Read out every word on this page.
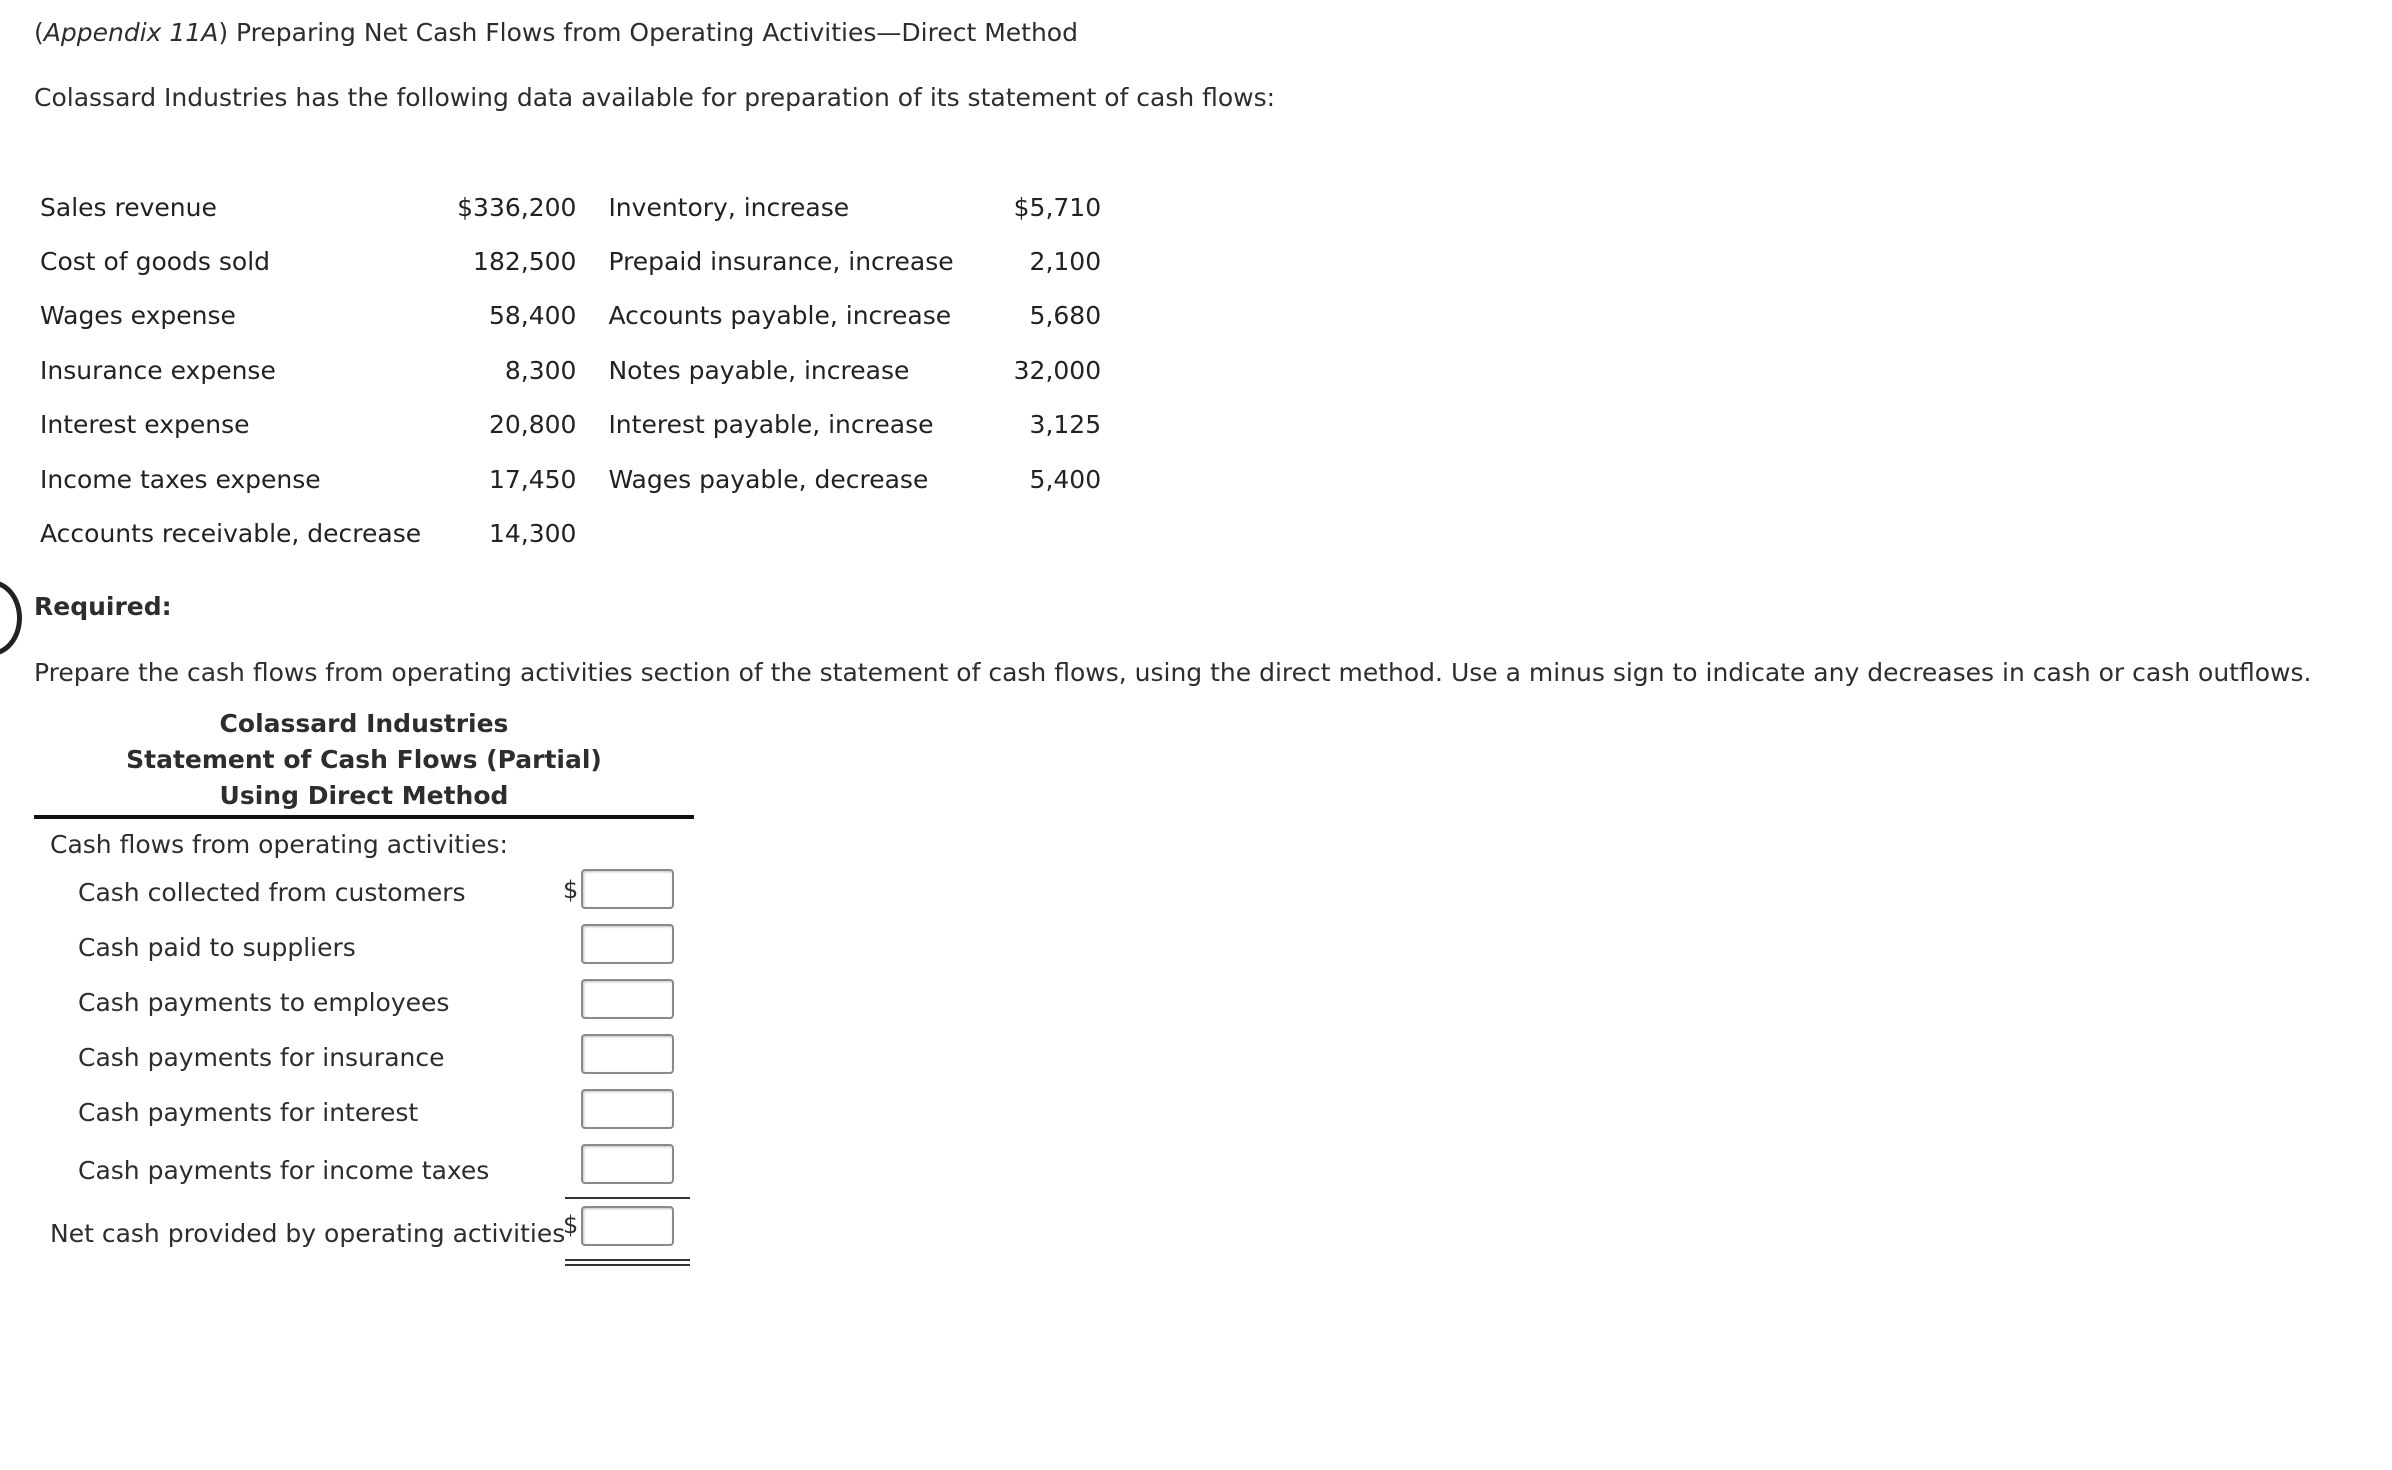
(Appendix 11A) Preparing Net Cash Flows from Operating Activities—Direct Method
Colassard Industries has the following data available for preparation of its statement of cash flows:
Sales revenue	$336,200	Inventory, increase	$5,710
Cost of goods sold	182,500	Prepaid insurance, increase	2,100
Wages expense	58,400	Accounts payable, increase	5,680
Insurance expense	8,300	Notes payable, increase	32,000
Interest expense	20,800	Interest payable, increase	3,125
Income taxes expense	17,450	Wages payable, decrease	5,400
Accounts receivable, decrease	14,300		
Required:
Prepare the cash flows from operating activities section of the statement of cash flows, using the direct method. Use a minus sign to indicate any decreases in cash or cash outflows.
Colassard Industries
Statement of Cash Flows (Partial)
Using Direct Method
Cash flows from operating activities:
Cash collected from customers	$
Cash paid to suppliers
Cash payments to employees
Cash payments for insurance
Cash payments for interest
Cash payments for income taxes
Net cash provided by operating activities
$
